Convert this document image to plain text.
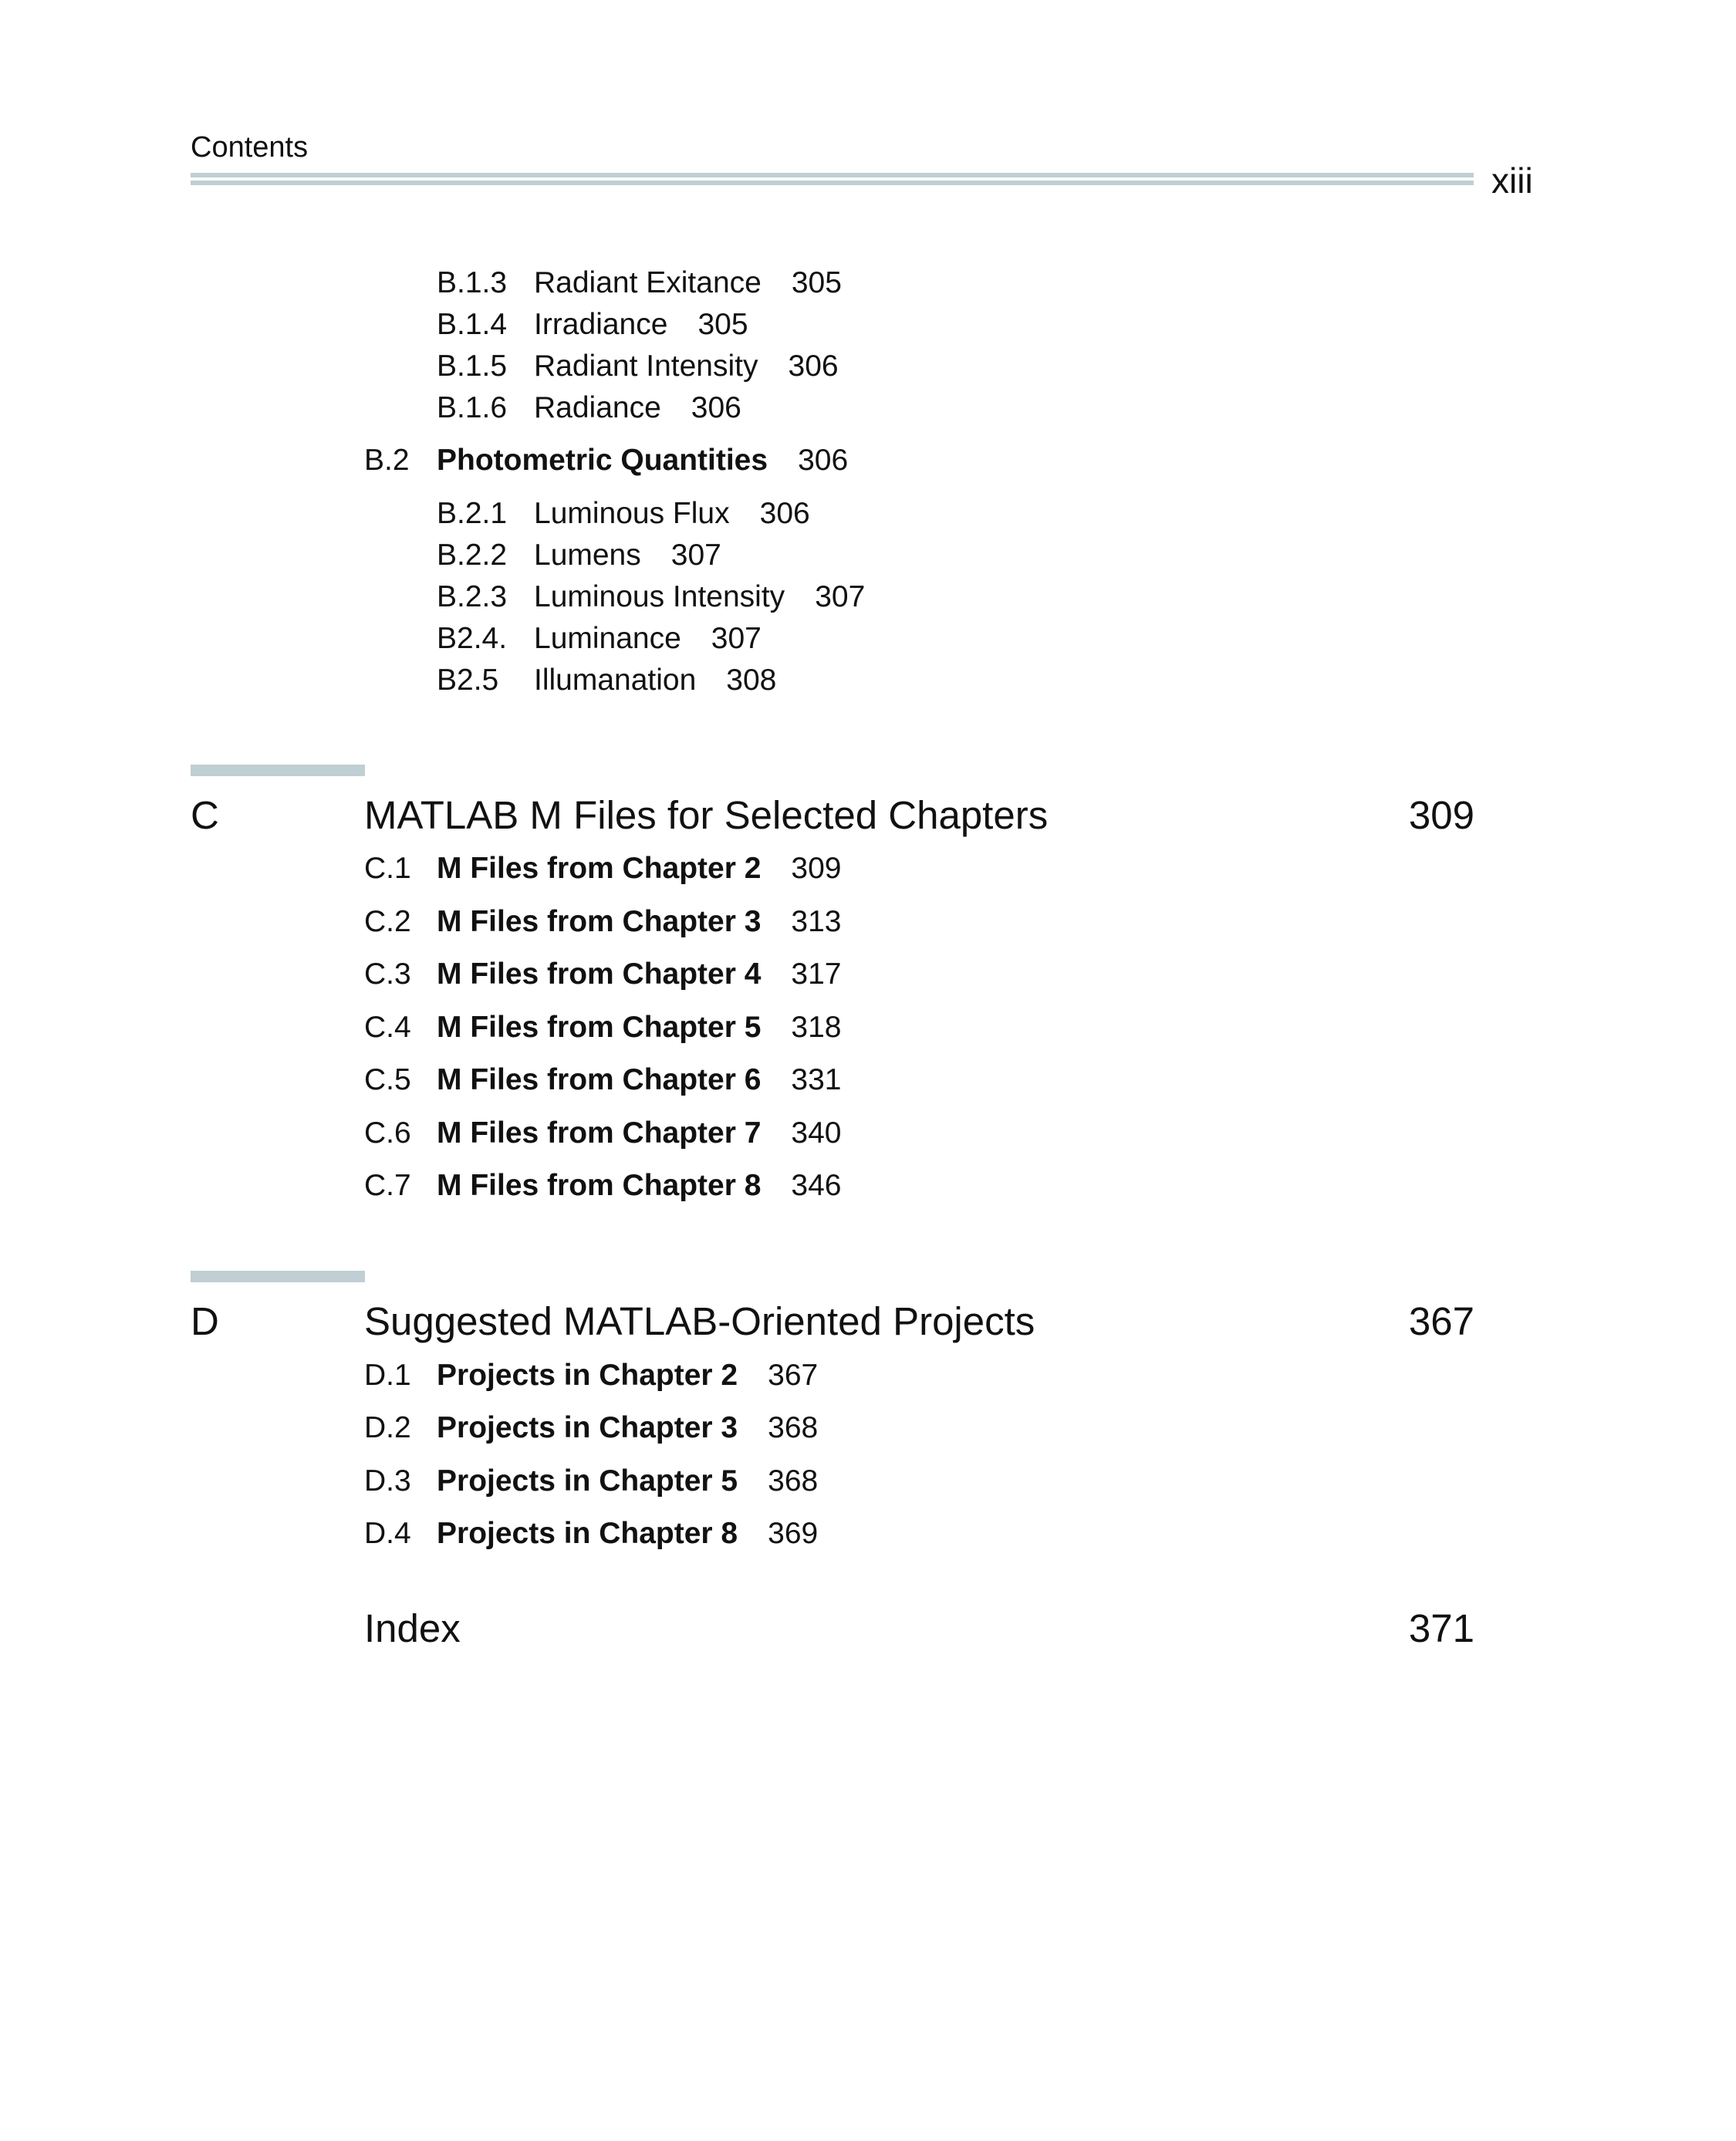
Contents
xiii
B.1.3 Radiant Exitance  305
B.1.4 Irradiance  305
B.1.5 Radiant Intensity  306
B.1.6 Radiance  306
B.2 Photometric Quantities  306
B.2.1 Luminous Flux  306
B.2.2 Lumens  307
B.2.3 Luminous Intensity  307
B2.4. Luminance  307
B2.5 Illumanation  308
C	MATLAB M Files for Selected Chapters	309
C.1 M Files from Chapter 2  309
C.2 M Files from Chapter 3  313
C.3 M Files from Chapter 4  317
C.4 M Files from Chapter 5  318
C.5 M Files from Chapter 6  331
C.6 M Files from Chapter 7  340
C.7 M Files from Chapter 8  346
D	Suggested MATLAB-Oriented Projects	367
D.1 Projects in Chapter 2  367
D.2 Projects in Chapter 3  368
D.3 Projects in Chapter 5  368
D.4 Projects in Chapter 8  369
Index	371
